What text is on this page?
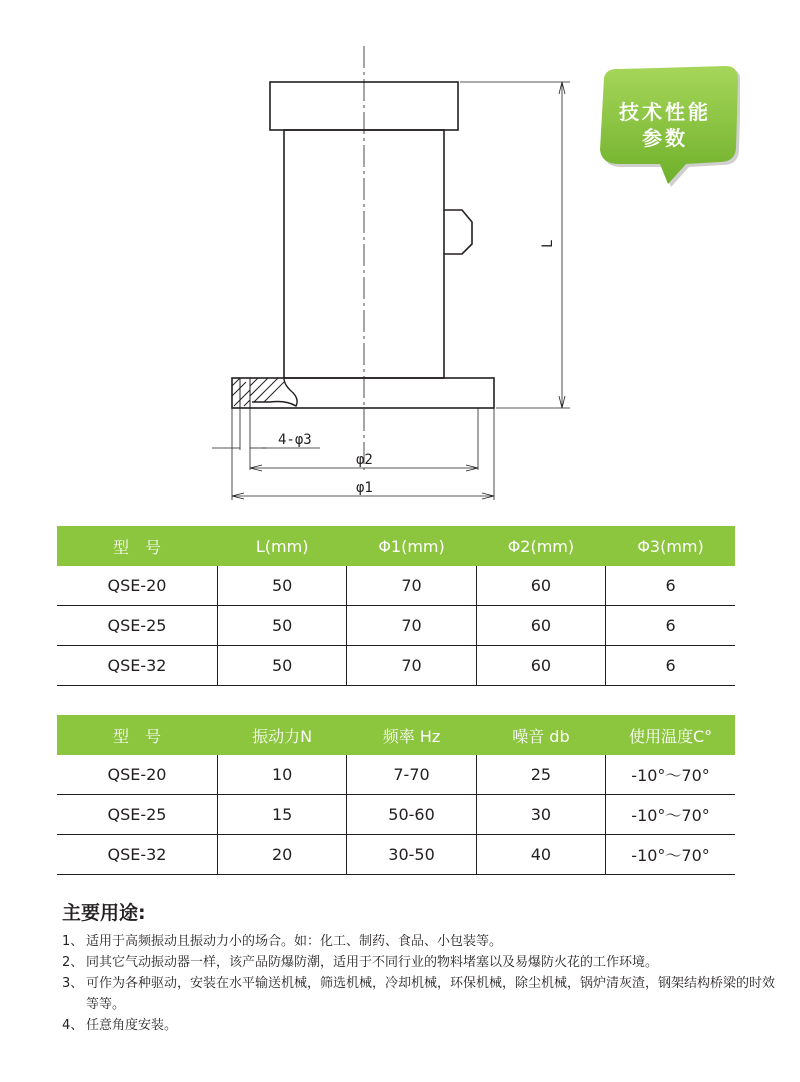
L
4-φ3
φ2
φ1
技术性能
参数
型　号	L(mm)	Φ1(mm)	Φ2(mm)	Φ3(mm)
QSE-20	50	70	60	6
QSE-25	50	70	60	6
QSE-32	50	70	60	6
型　号	振动力N	频率 Hz	噪音 db	使用温度C°
QSE-20	10	7-70	25	-10°～70°
QSE-25	15	50-60	30	-10°～70°
QSE-32	20	30-50	40	-10°～70°
主要用途:
1、 适用于高频振动且振动力小的场合。如：化工、制药、食品、小包装等。
2、 同其它气动振动器一样，该产品防爆防潮，适用于不同行业的物料堵塞以及易爆防火花的工作环境。
3、 可作为各种驱动，安装在水平输送机械，筛选机械，冷却机械，环保机械，除尘机械，锅炉清灰渣，钢架结构桥梁的时效等等。
4、 任意角度安装。
